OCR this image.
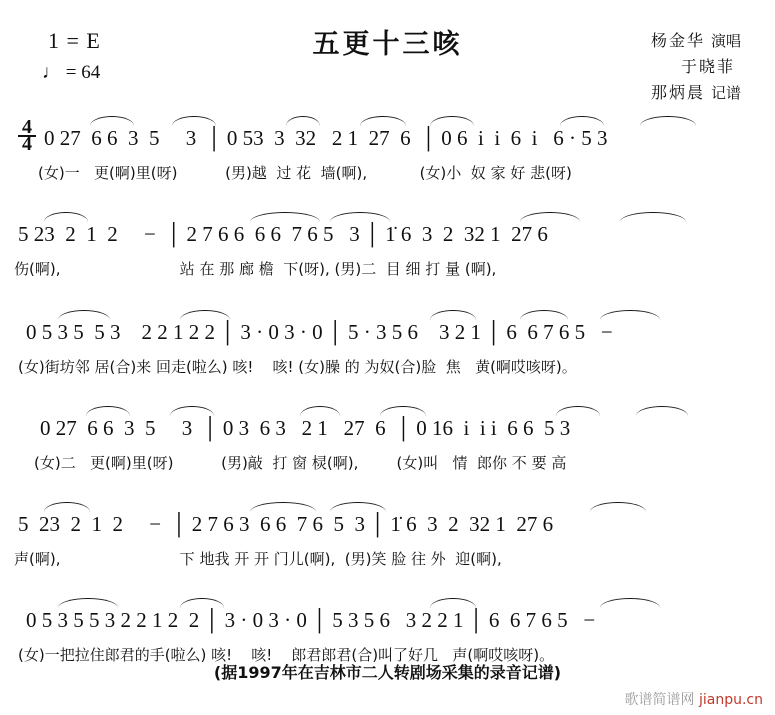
1 = E
♩ = 64
五更十三咳	杨金华 演唱
于晓菲
那炳晨 记谱
$\frac{4}{4} 0$ 27  6 6  3  5     3  │ 0 53  3  32   2 1  27  6  │ 0 6  i  i  6  i   6 · 5 3
(女)一   更(啊)里(呀)          (男)越  过 花  墙(啊),           (女)小  奴 家 好 悲(呀)
5 23  2  1  2     −  │ 2 7 6 6  6 6  7 6 5   3 │ 1̇ 6  3  2  32 1  27 6
伤(啊),                         站 在 那 廊 檐  下(呀), (男)二  目 细 打 量 (啊),
0 5 3 5  5 3    2 2 1 2 2 │ 3 · 0 3 · 0 │ 5 · 3 5 6    3 2 1 │ 6  6 7 6 5   −
(女)街坊邻 居(合)来 回走(啦么) 咳!    咳! (女)臊 的 为奴(合)脸  焦   黄(啊哎咳呀)。
0 27  6 6  3  5     3  │ 0 3  6 3   2 1   27  6  │ 0 16  i  i i  6 6  5 3
(女)二   更(啊)里(呀)          (男)敲  打 窗 棂(啊),        (女)叫   情  郎你 不 要 高
5  23  2  1  2     −  │ 2 7 6 3  6 6  7 6  5  3 │ 1̇ 6  3  2  32 1  27 6
声(啊),                         下 地我 开 开 门儿(啊),  (男)笑 脸 往 外  迎(啊),
0 5 3 5 5 3 2 2 1 2  2 │ 3 · 0 3 · 0 │ 5 3 5 6   3 2 2 1 │ 6  6 7 6 5   −
(女)一把拉住郎君的手(啦么) 咳!    咳!    郎君郎君(合)叫了好几   声(啊哎咳呀)。
(据1997年在吉林市二人转剧场采集的录音记谱)
歌谱简谱网 jianpu.cn
